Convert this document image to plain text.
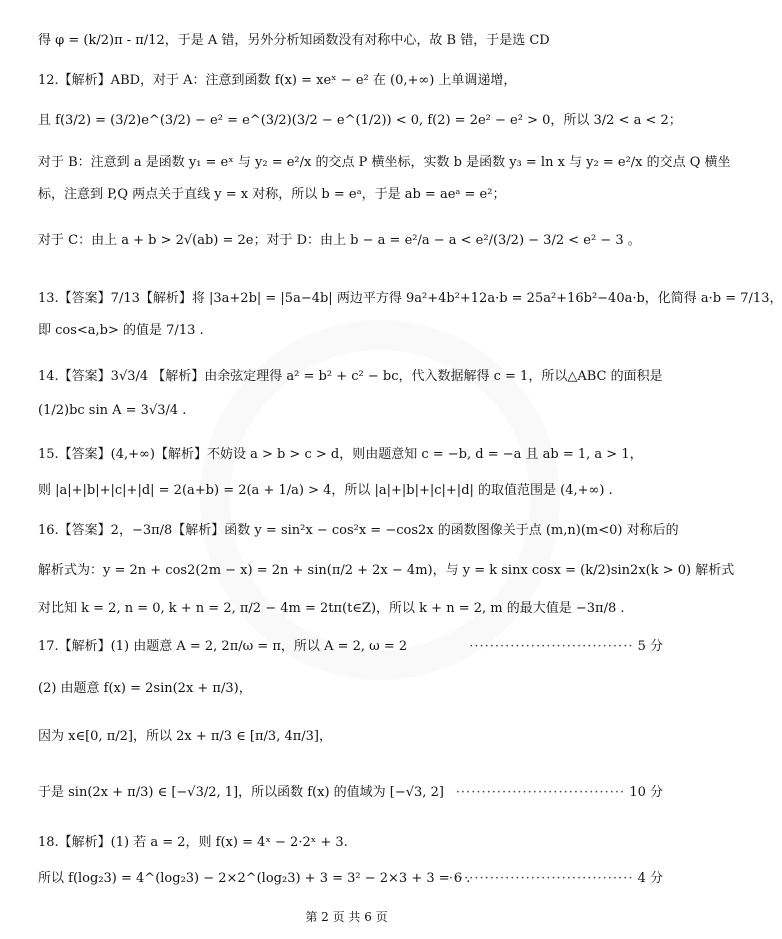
得 φ = (k/2)π - π/12，于是 A 错，另外分析知函数没有对称中心，故 B 错，于是选 CD
12.【解析】ABD，对于 A：注意到函数 f(x) = xeˣ − e² 在 (0,+∞) 上单调递增，
且 f(3/2) = (3/2)e^(3/2) − e² = e^(3/2)(3/2 − e^(1/2)) < 0, f(2) = 2e² − e² > 0，所以 3/2 < a < 2；
对于 B：注意到 a 是函数 y₁ = eˣ 与 y₂ = e²/x 的交点 P 横坐标，实数 b 是函数 y₃ = ln x 与 y₂ = e²/x 的交点 Q 横坐
标，注意到 P,Q 两点关于直线 y = x 对称，所以 b = eᵃ，于是 ab = aeᵃ = e²；
对于 C：由上 a + b > 2√(ab) = 2e；对于 D：由上 b − a = e²/a − a < e²/(3/2) − 3/2 < e² − 3 。
13.【答案】7/13【解析】将 |3a+2b| = |5a−4b| 两边平方得 9a²+4b²+12a·b = 25a²+16b²−40a·b，化简得 a·b = 7/13，
即 cos<a,b> 的值是 7/13 .
14.【答案】3√3/4 【解析】由余弦定理得 a² = b² + c² − bc，代入数据解得 c = 1，所以△ABC 的面积是
(1/2)bc sin A = 3√3/4 .
15.【答案】(4,+∞)【解析】不妨设 a > b > c > d，则由题意知 c = −b, d = −a 且 ab = 1, a > 1，
则 |a|+|b|+|c|+|d| = 2(a+b) = 2(a + 1/a) > 4，所以 |a|+|b|+|c|+|d| 的取值范围是 (4,+∞) .
16.【答案】2，−3π/8【解析】函数 y = sin²x − cos²x = −cos2x 的函数图像关于点 (m,n)(m<0) 对称后的
解析式为：y = 2n + cos2(2m − x) = 2n + sin(π/2 + 2x − 4m)，与 y = k sinx cosx = (k/2)sin2x(k > 0) 解析式
对比知 k = 2, n = 0, k + n = 2, π/2 − 4m = 2tπ(t∈Z)，所以 k + n = 2, m 的最大值是 −3π/8 .
17.【解析】(1) 由题意 A = 2, 2π/ω = π，所以 A = 2, ω = 2	································ 5 分
(2) 由题意 f(x) = 2sin(2x + π/3)，
因为 x∈[0, π/2]，所以 2x + π/3 ∈ [π/3, 4π/3]，
于是 sin(2x + π/3) ∈ [−√3/2, 1]，所以函数 f(x) 的值域为 [−√3, 2] ································· 10 分
18.【解析】(1) 若 a = 2，则 f(x) = 4ˣ − 2·2ˣ + 3.
所以 f(log₂3) = 4^(log₂3) − 2×2^(log₂3) + 3 = 3² − 2×3 + 3 = 6 .
···································· 4 分
第 2 页 共 6 页
